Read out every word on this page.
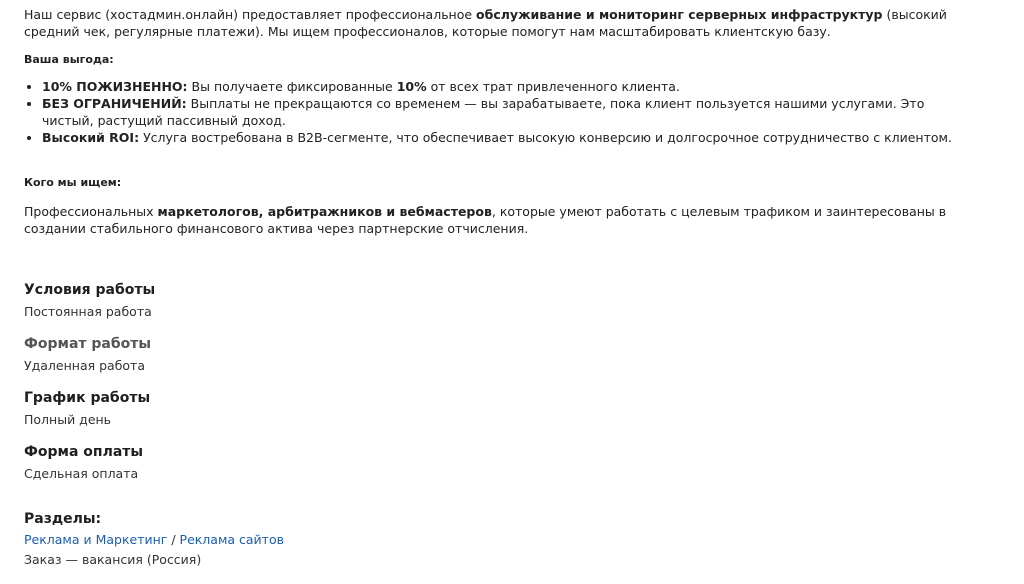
Наш сервис (хостадмин.онлайн) предоставляет профессиональное обслуживание и мониторинг серверных инфраструктур (высокий средний чек, регулярные платежи). Мы ищем профессионалов, которые помогут нам масштабировать клиентскую базу.

Ваша выгода:

• 10% ПОЖИЗНЕННО: Вы получаете фиксированные 10% от всех трат привлеченного клиента.
• БЕЗ ОГРАНИЧЕНИЙ: Выплаты не прекращаются со временем — вы зарабатываете, пока клиент пользуется нашими услугами. Это чистый, растущий пассивный доход.
• Высокий ROI: Услуга востребована в B2B-сегменте, что обеспечивает высокую конверсию и долгосрочное сотрудничество с клиентом.

Кого мы ищем:

Профессиональных маркетологов, арбитражников и вебмастеров, которые умеют работать с целевым трафиком и заинтересованы в создании стабильного финансового актива через партнерские отчисления.

Условия работы
Постоянная работа
Формат работы
Удаленная работа
График работы
Полный день
Форма оплаты
Сдельная оплата
Разделы:
Реклама и Маркетинг / Реклама сайтов
Заказ — вакансия (Россия)
